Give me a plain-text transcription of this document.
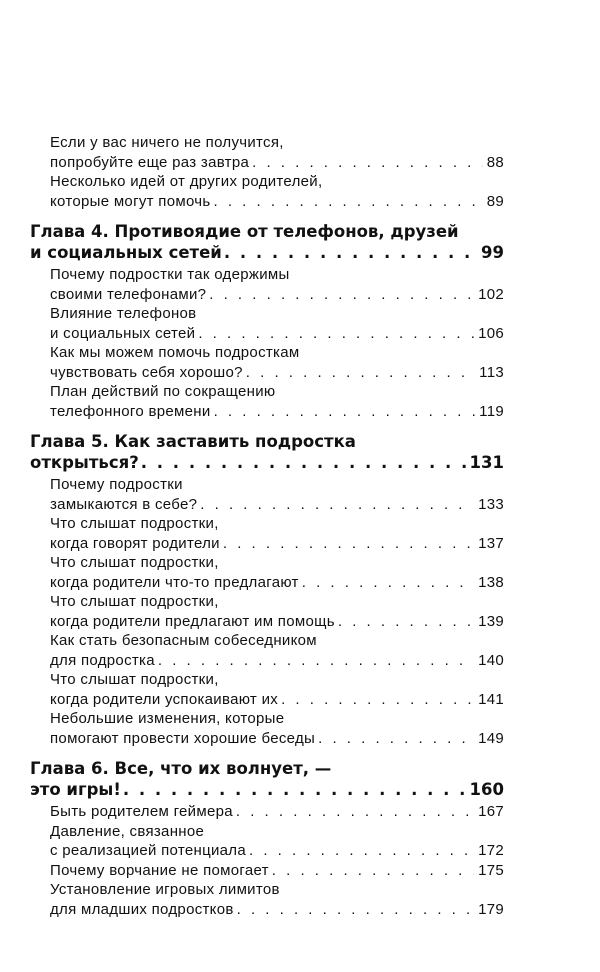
Если у вас ничего не получится,
попробуйте еще раз завтра . . .	88
Несколько идей от других родителей,
которые могут помочь . . .	89
Глава 4. Противоядие от телефонов, друзей
и социальных сетей . . .	99
Почему подростки так одержимы
своими телефонами? . . .	102
Влияние телефонов
и социальных сетей . . .	106
Как мы можем помочь подросткам
чувствовать себя хорошо? . . .	113
План действий по сокращению
телефонного времени . . .	119
Глава 5. Как заставить подростка
открыться? . . .	131
Почему подростки
замыкаются в себе? . . .	133
Что слышат подростки,
когда говорят родители . . .	137
Что слышат подростки,
когда родители что-то предлагают . . .	138
Что слышат подростки,
когда родители предлагают им помощь . . .	139
Как стать безопасным собеседником
для подростка . . .	140
Что слышат подростки,
когда родители успокаивают их . . .	141
Небольшие изменения, которые
помогают провести хорошие беседы . . .	149
Глава 6. Все, что их волнует, —
это игры! . . .	160
Быть родителем геймера . . .	167
Давление, связанное
с реализацией потенциала . . .	172
Почему ворчание не помогает . . .	175
Установление игровых лимитов
для младших подростков . . .	179
